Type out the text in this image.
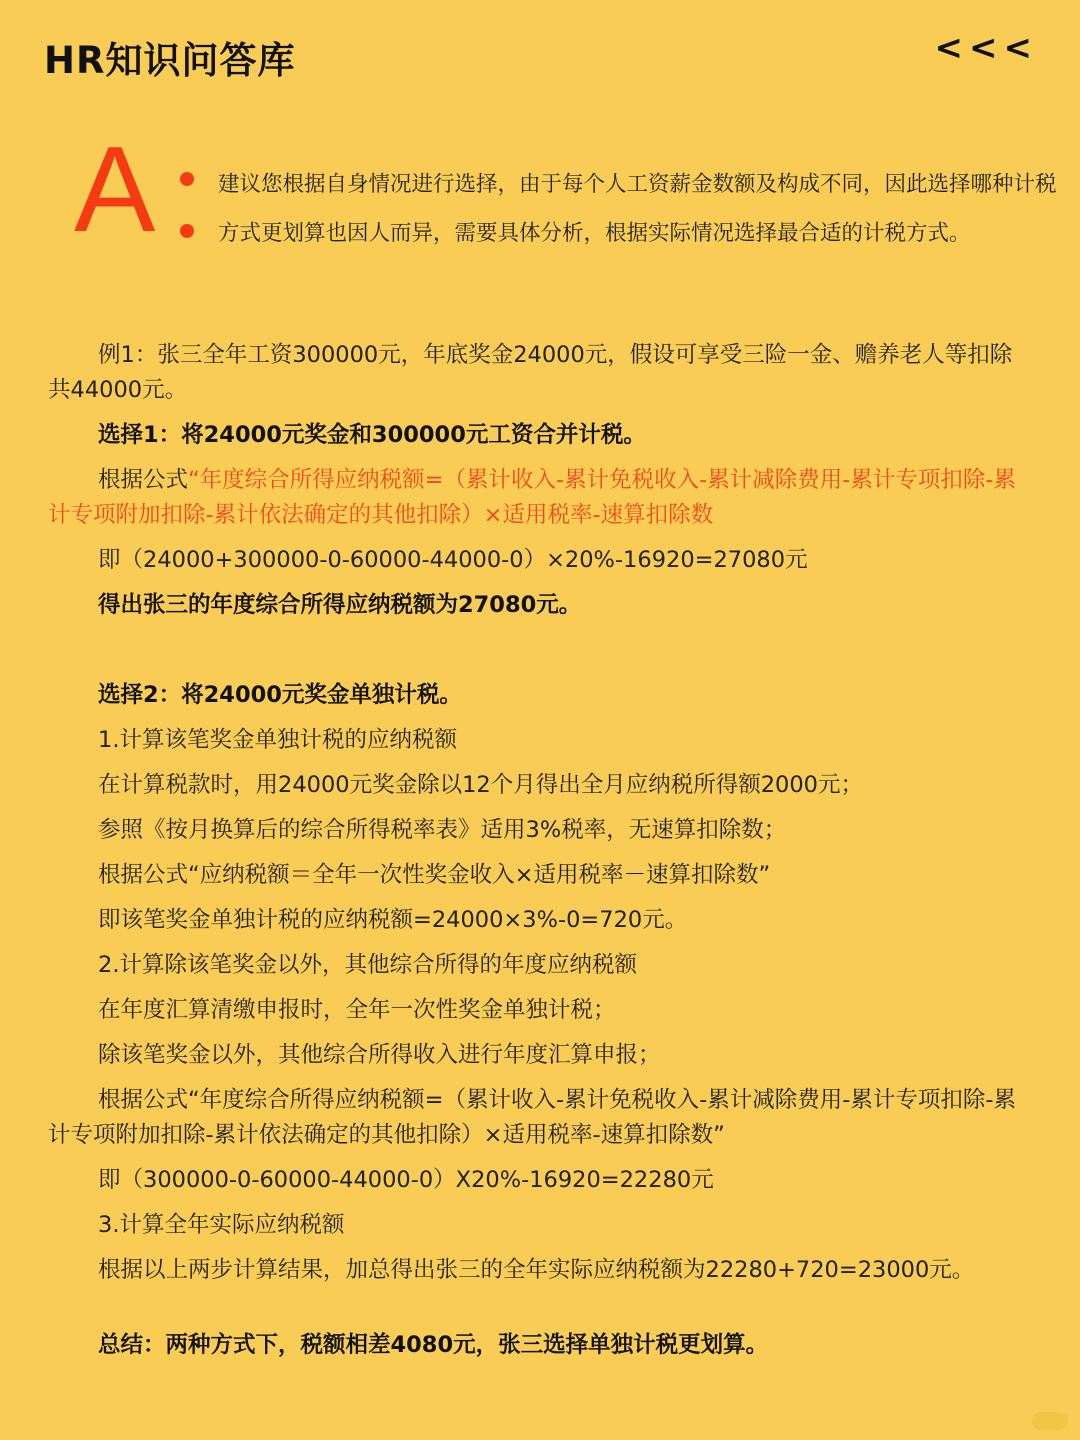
HR知识问答库	<<<
A	建议您根据自身情况进行选择，由于每个人工资薪金数额及构成不同，因此选择哪种计税方式更划算也因人而异，需要具体分析，根据实际情况选择最合适的计税方式。

例1：张三全年工资300000元，年底奖金24000元，假设可享受三险一金、赡养老人等扣除共44000元。

选择1：将24000元奖金和300000元工资合并计税。

根据公式“年度综合所得应纳税额=（累计收入-累计免税收入-累计减除费用-累计专项扣除-累计专项附加扣除-累计依法确定的其他扣除）×适用税率-速算扣除数

即（24000+300000-0-60000-44000-0）×20%-16920=27080元

得出张三的年度综合所得应纳税额为27080元。

选择2：将24000元奖金单独计税。

1.计算该笔奖金单独计税的应纳税额

在计算税款时，用24000元奖金除以12个月得出全月应纳税所得额2000元；

参照《按月换算后的综合所得税率表》适用3%税率，无速算扣除数；

根据公式“应纳税额＝全年一次性奖金收入×适用税率－速算扣除数”

即该笔奖金单独计税的应纳税额=24000×3%-0=720元。

2.计算除该笔奖金以外，其他综合所得的年度应纳税额

在年度汇算清缴申报时，全年一次性奖金单独计税；

除该笔奖金以外，其他综合所得收入进行年度汇算申报；

根据公式“年度综合所得应纳税额=（累计收入-累计免税收入-累计减除费用-累计专项扣除-累计专项附加扣除-累计依法确定的其他扣除）×适用税率-速算扣除数”

即（300000-0-60000-44000-0）X20%-16920=22280元

3.计算全年实际应纳税额

根据以上两步计算结果，加总得出张三的全年实际应纳税额为22280+720=23000元。

总结：两种方式下，税额相差4080元，张三选择单独计税更划算。
